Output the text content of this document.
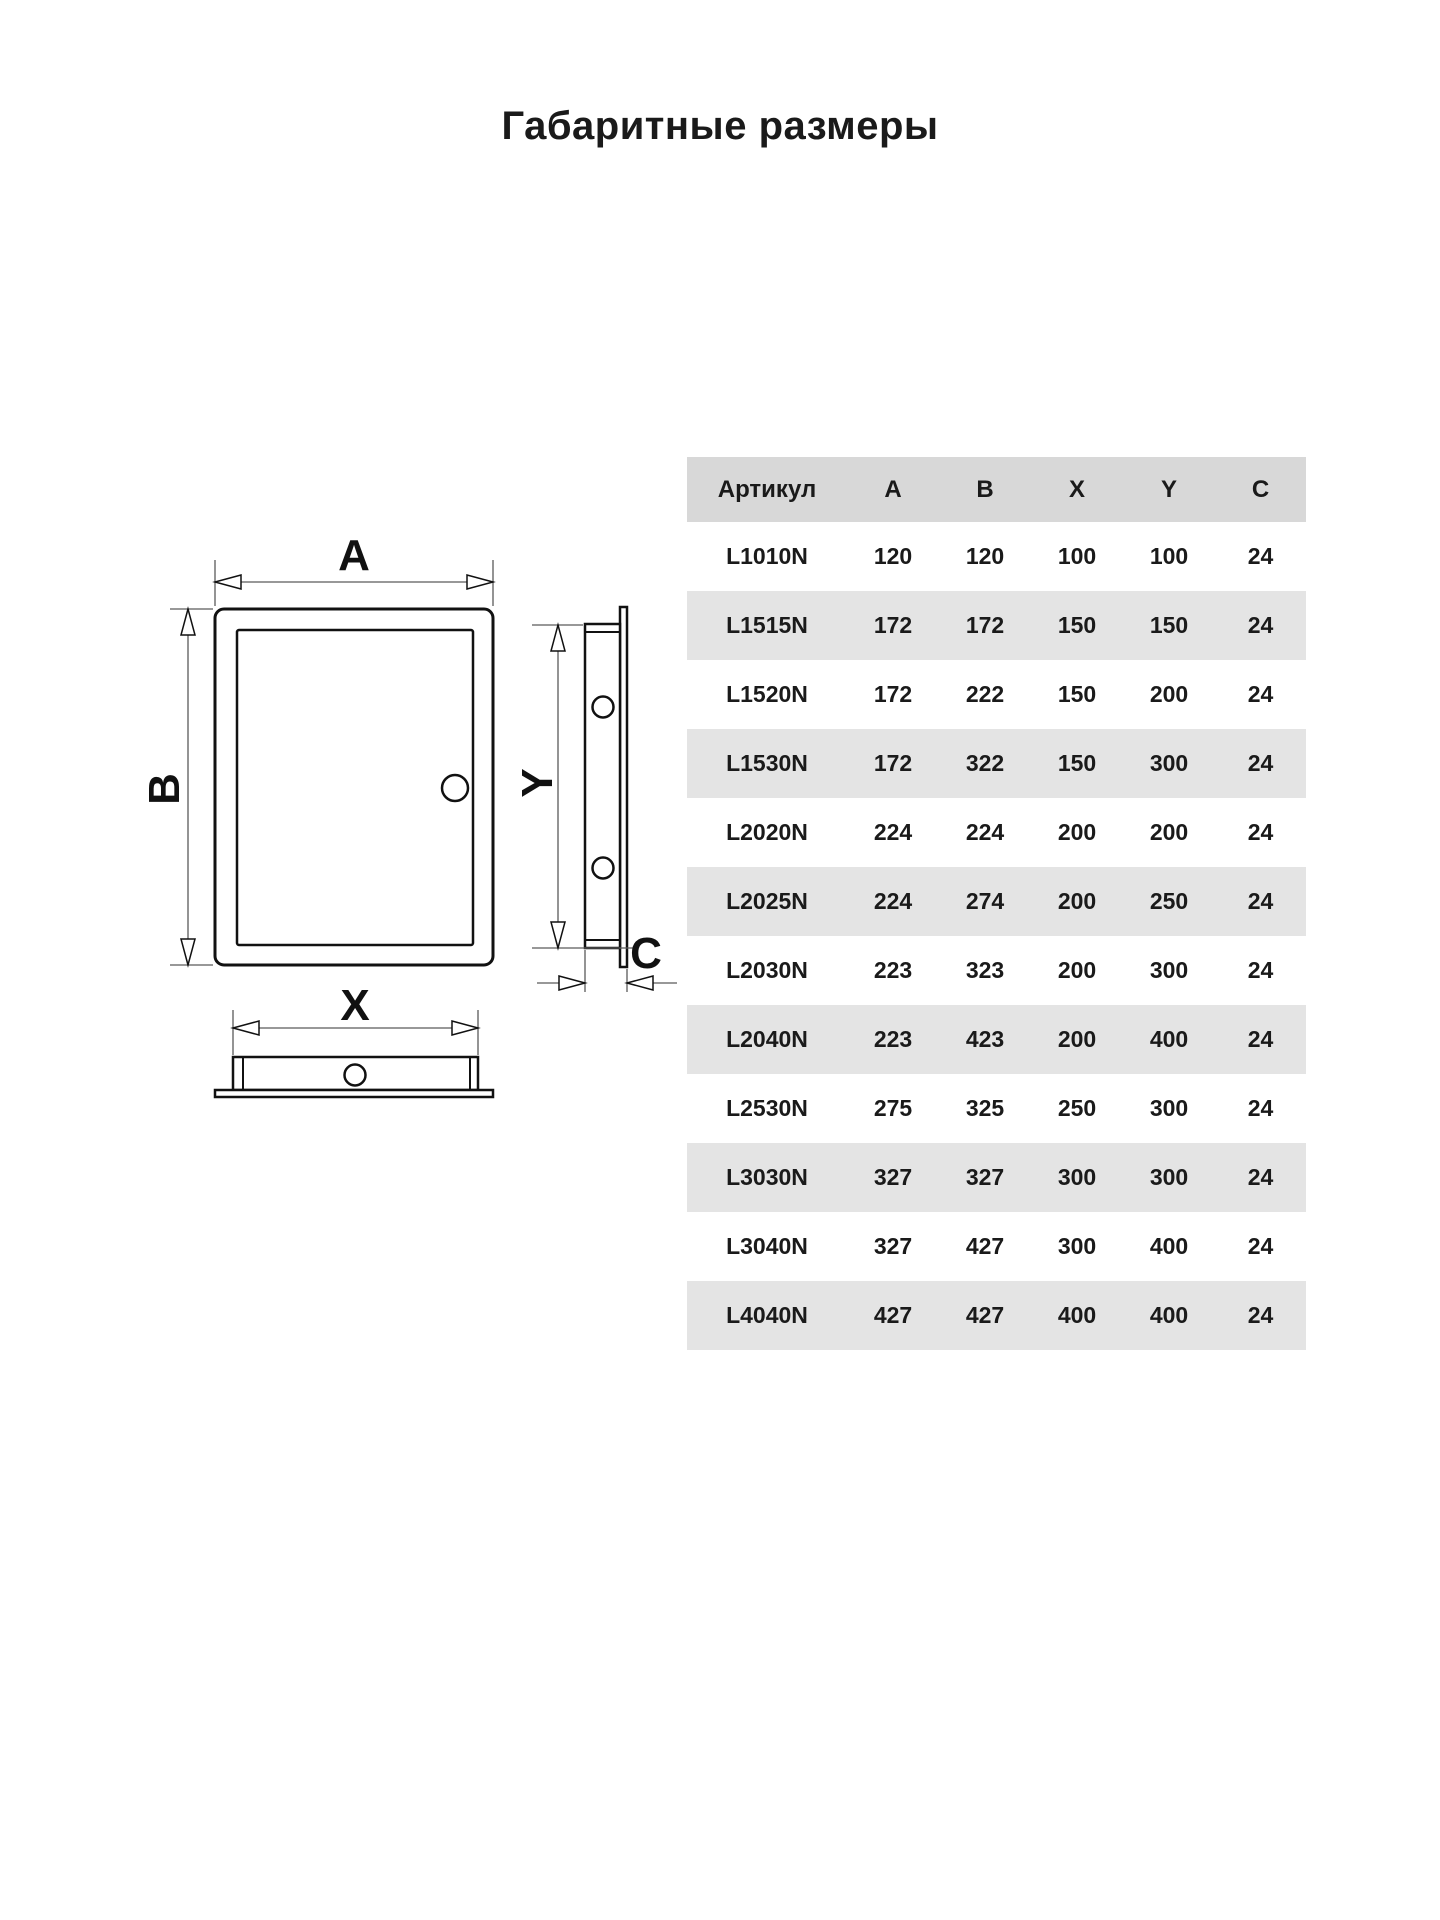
Габаритные размеры
A
B
X
Y
C
Артикул	A	B	X	Y	C
L1010N	120	120	100	100	24
L1515N	172	172	150	150	24
L1520N	172	222	150	200	24
L1530N	172	322	150	300	24
L2020N	224	224	200	200	24
L2025N	224	274	200	250	24
L2030N	223	323	200	300	24
L2040N	223	423	200	400	24
L2530N	275	325	250	300	24
L3030N	327	327	300	300	24
L3040N	327	427	300	400	24
L4040N	427	427	400	400	24
